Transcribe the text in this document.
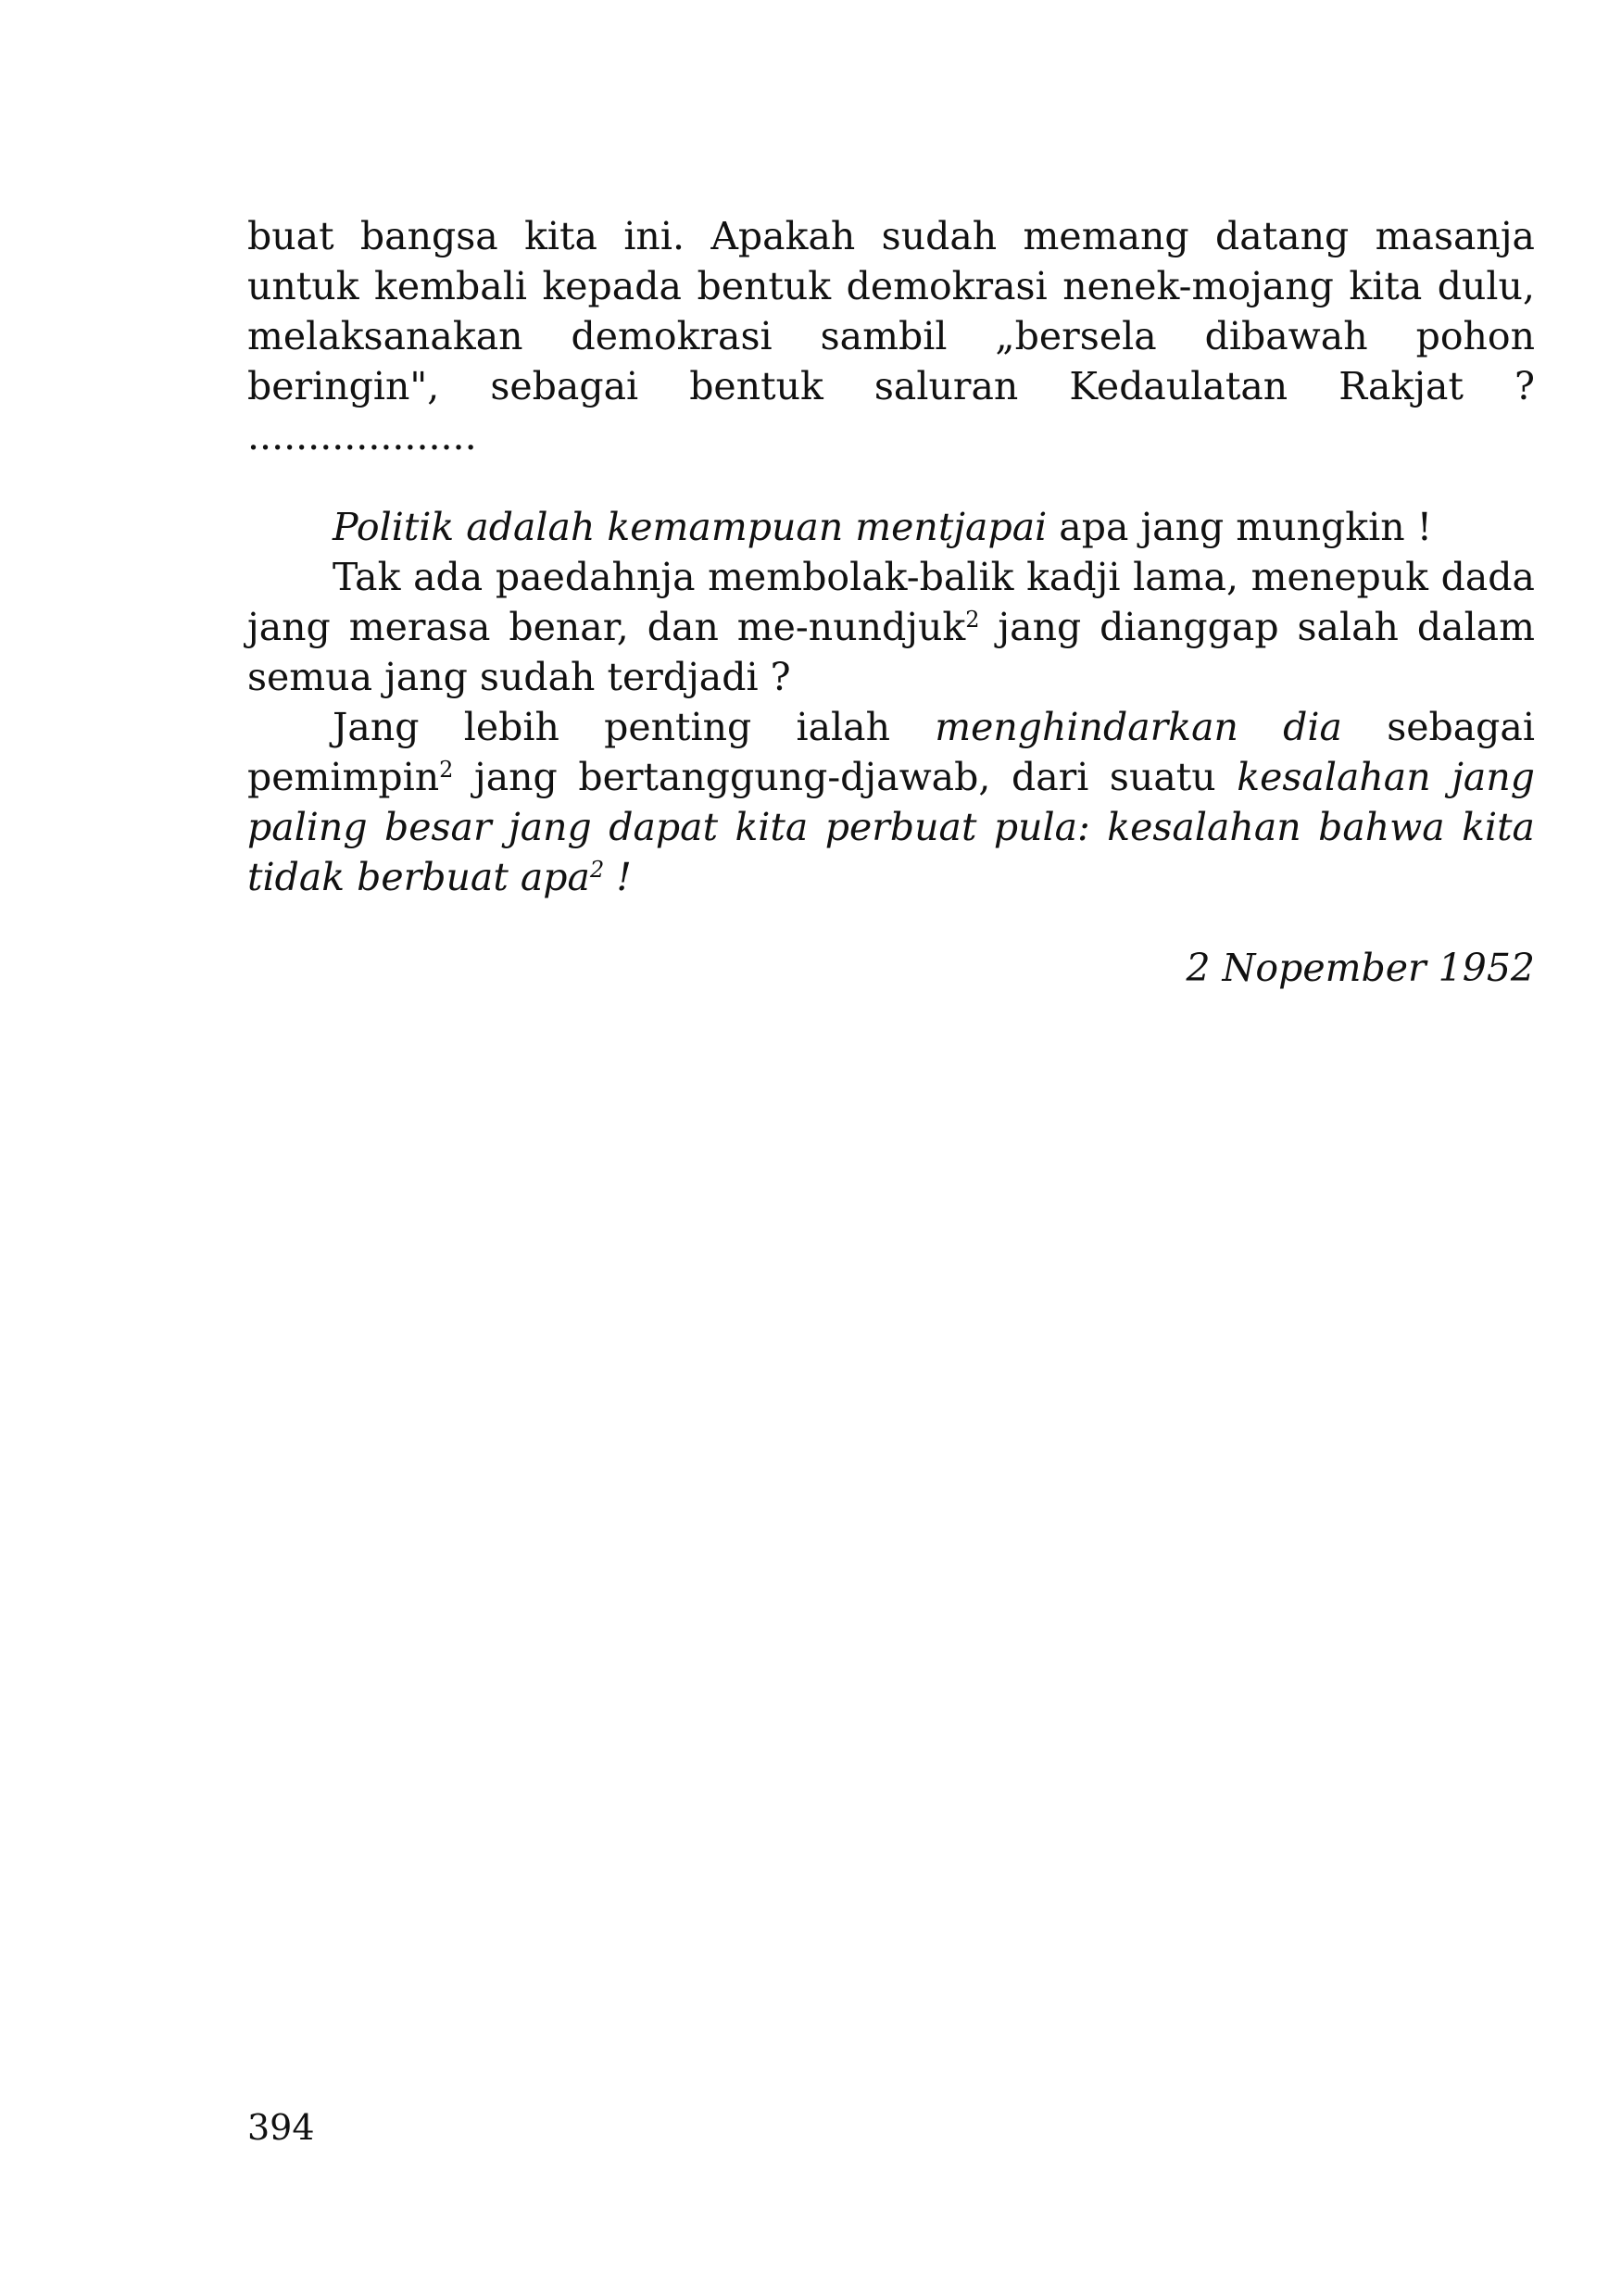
buat bangsa kita ini. Apakah sudah memang datang masanja untuk kembali kepada bentuk demokrasi nenek-mojang kita dulu, melaksanakan demokrasi sambil „bersela dibawah pohon beringin", sebagai bentuk saluran Kedaulatan Rakjat ? ...................

Politik adalah kemampuan mentjapai apa jang mungkin !

Tak ada paedahnja membolak-balik kadji lama, menepuk dada jang merasa benar, dan me-nundjuk$^2$ jang dianggap salah dalam semua jang sudah terdjadi ?

Jang lebih penting ialah menghindarkan dia sebagai pemimpin$^2$ jang bertanggung-djawab, dari suatu kesalahan jang paling besar jang dapat kita perbuat pula: kesalahan bahwa kita tidak berbuat apa$^2$ !

2 Nopember 1952

394
